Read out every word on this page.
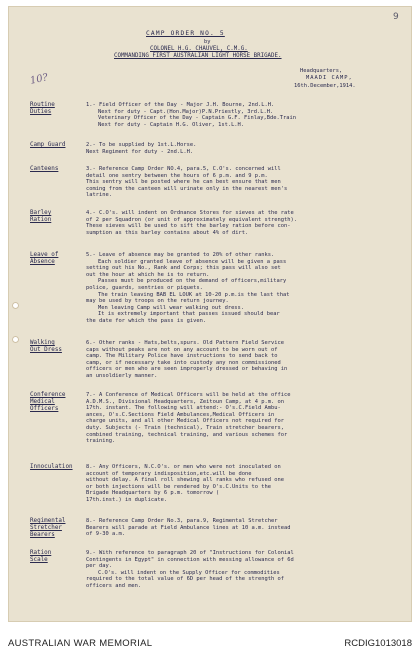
9
10?
CAMP ORDER NO. 5
by
COLONEL H.G. CHAUVEL, C.M.G.
COMMANDING FIRST AUSTRALIAN LIGHT HORSE BRIGADE.
Headquarters,
MAADI CAMP,
16th.December,1914.
Routine
Duties
1.- Field Officer of the Day - Major J.H. Bourne, 2nd.L.H.
Next for duty - Capt.(Hon.Major)P.N.Priestly, 3rd.L.H.
Veterinary Officer of the Day - Captain G.F. Finlay,Bde.Train
Next for duty - Captain H.G. Oliver, 1st.L.H.
Camp Guard	2.- To be supplied by 1st.L.Horse.
Next Regiment for duty - 2nd.L.H.
Canteens	3.- Reference Camp Order NO.4, para.5, C.O's. concerned will
detail one sentry between the hours of 6 p.m. and 9 p.m.
This sentry will be posted where he can best ensure that men
coming from the canteen will urinate only in the nearest men's
latrine.
Barley
Ration
4.- C.O's. will indent on Ordnance Stores for sieves at the rate
of 2 per Squadron (or unit of approximately equivalent strength).
These sieves will be used to sift the barley ration before con-
sumption as this barley contains about 4% of dirt.
Leave of
Absence
5.- Leave of absence may be granted to 20% of other ranks.
Each soldier granted leave of absence will be given a pass
setting out his No., Rank and Corps; this pass will also set
out the hour at which he is to return.
Passes must be produced on the demand of officers,military
police, guards, sentries or piquets.
The train leaving BAB EL LOUK at 10-20 p.m.is the last that
may be used by troops on the return journey.
Men leaving Camp will wear walking out dress.
It is extremely important that passes issued should bear
the date for which the pass is given.
Walking
Out Dress
6.- Other ranks - Hats,belts,spurs. Old Pattern Field Service
caps without peaks are not on any account to be worn out of
camp. The Military Police have instructions to send back to
camp, or if necessary take into custody any non commissioned
officers or men who are seen improperly dressed or behaving in
an unsoldierly manner.
Conference
Medical
Officers
7.- A Conference of Medical Officers will be held at the office
A.D.M.S., Divisional Headquarters, Zeitoun Camp, at 4 p.m. on
17th. instant. The following will attend:- O's.C.Field Ambu-
ances, O's.C.Sections Field Ambulances,Medical Officers in
charge units, and all other Medical Officers not required for
duty. Subjects (- Train (technical), Train stretcher bearers,
combined training, technical training, and various schemes for
training.
Innoculation 8.- Any Officers, N.C.O's. or men who were not inoculated on
account of temporary indisposition,etc.will be done
without delay. A final roll shewing all ranks who refused one
or both injections will be rendered by O's.C.Units to the
Brigade Headquarters by 6 p.m. tomorrow (
17th.inst.) in duplicate.
Regimental
Stretcher
Bearers
8.- Reference Camp Order No.3, para.9, Regimental Stretcher
Bearers will parade at Field Ambulance lines at 10 a.m. instead
of 9-30 a.m.
Ration
Scale
9.- With reference to paragraph 20 of "Instructions for Colonial
Contingents in Egypt" in connection with messing allowance of 6d
per day.
C.O's. will indent on the Supply Officer for commodities
required to the total value of 6D per head of the strength of
officers and men.
AUSTRALIAN WAR MEMORIAL	RCDIG1013018
